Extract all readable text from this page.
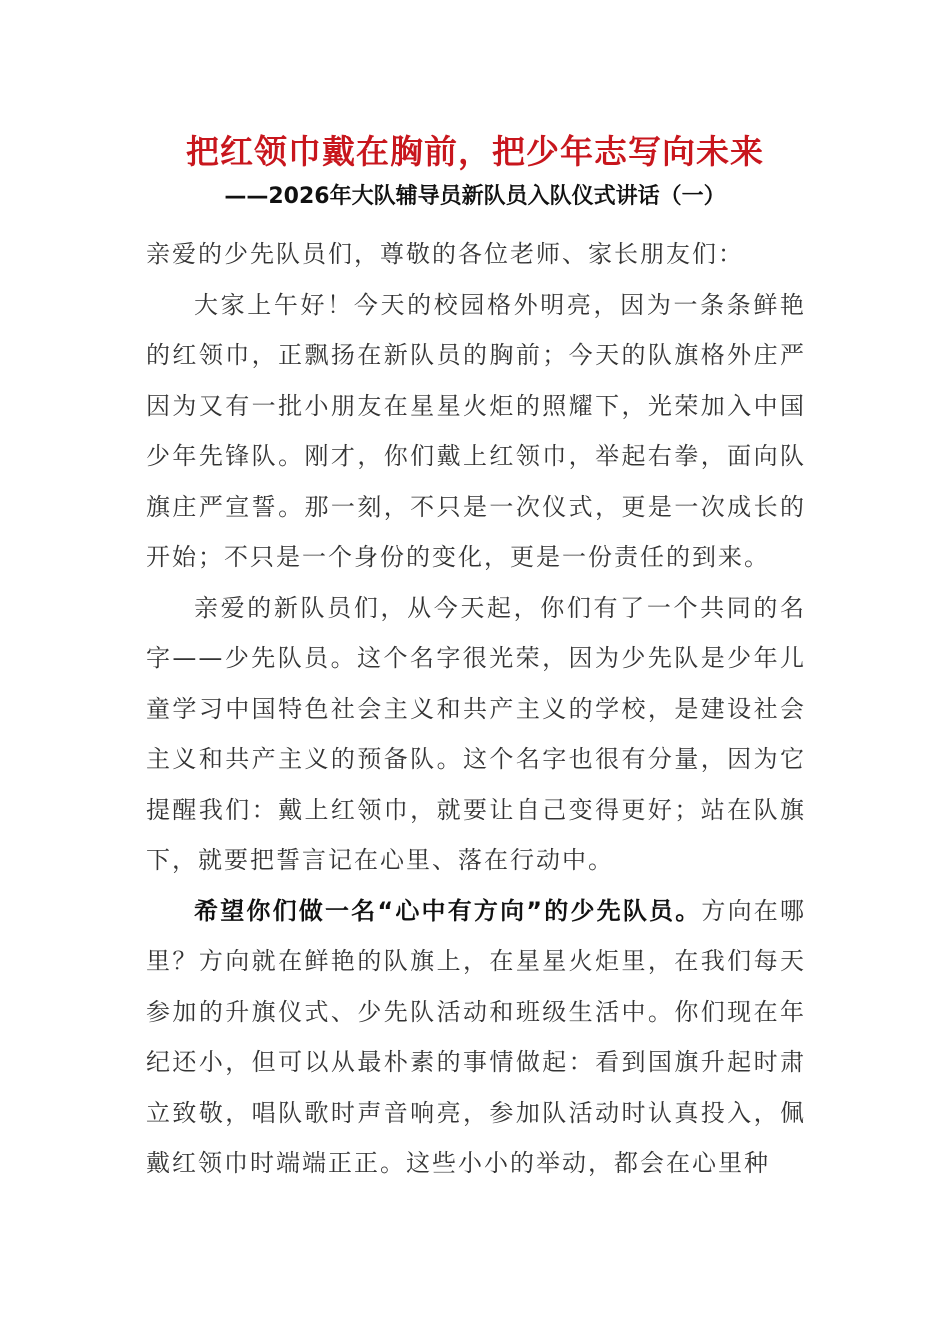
把红领巾戴在胸前，把少年志写向未来
——2026年大队辅导员新队员入队仪式讲话（一）

亲爱的少先队员们，尊敬的各位老师、家长朋友们：

大家上午好！今天的校园格外明亮，因为一条条鲜艳的红领巾，正飘扬在新队员的胸前；今天的队旗格外庄严因为又有一批小朋友在星星火炬的照耀下，光荣加入中国少年先锋队。刚才，你们戴上红领巾，举起右拳，面向队旗庄严宣誓。那一刻，不只是一次仪式，更是一次成长的开始；不只是一个身份的变化，更是一份责任的到来。

亲爱的新队员们，从今天起，你们有了一个共同的名字——少先队员。这个名字很光荣，因为少先队是少年儿童学习中国特色社会主义和共产主义的学校，是建设社会主义和共产主义的预备队。这个名字也很有分量，因为它提醒我们：戴上红领巾，就要让自己变得更好；站在队旗下，就要把誓言记在心里、落在行动中。

希望你们做一名“心中有方向”的少先队员。方向在哪里？方向就在鲜艳的队旗上，在星星火炬里，在我们每天参加的升旗仪式、少先队活动和班级生活中。你们现在年纪还小，但可以从最朴素的事情做起：看到国旗升起时肃立致敬，唱队歌时声音响亮，参加队活动时认真投入，佩戴红领巾时端端正正。这些小小的举动，都会在心里种
